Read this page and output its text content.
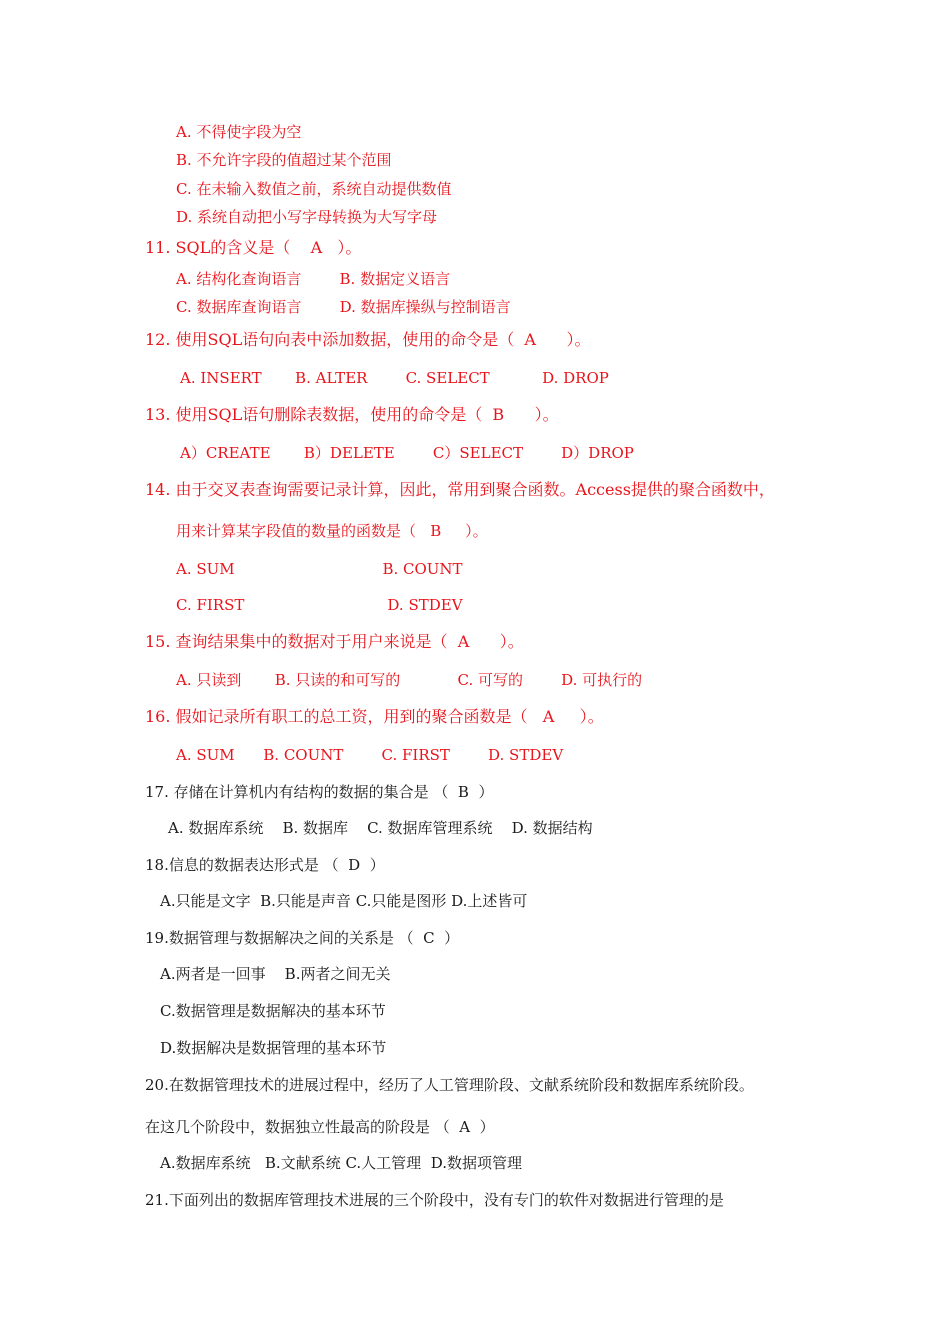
A. 不得使字段为空
B. 不允许字段的值超过某个范围
C. 在未输入数值之前，系统自动提供数值
D. 系统自动把小写字母转换为大写字母
11. SQL的含义是（    A   ）。
A. 结构化查询语言        B. 数据定义语言
C. 数据库查询语言        D. 数据库操纵与控制语言
12. 使用SQL语句向表中添加数据，使用的命令是（  A      ）。
A. INSERT       B. ALTER        C. SELECT           D. DROP
13. 使用SQL语句删除表数据，使用的命令是（  B      ）。
A）CREATE       B）DELETE        C）SELECT        D）DROP
14. 由于交叉表查询需要记录计算，因此，常用到聚合函数。Access提供的聚合函数中，
用来计算某字段值的数量的函数是（   B     ）。
A. SUM                               B. COUNT
C. FIRST                              D. STDEV
15. 查询结果集中的数据对于用户来说是（  A      ）。
A. 只读到       B. 只读的和可写的            C. 可写的        D. 可执行的
16. 假如记录所有职工的总工资，用到的聚合函数是（   A     ）。
A. SUM      B. COUNT        C. FIRST        D. STDEV
17. 存储在计算机内有结构的数据的集合是 （  B  ）
A. 数据库系统    B. 数据库    C. 数据库管理系统    D. 数据结构
18.信息的数据表达形式是 （  D  ）
A.只能是文字  B.只能是声音 C.只能是图形 D.上述皆可
19.数据管理与数据解决之间的关系是 （  C  ）
A.两者是一回事    B.两者之间无关
C.数据管理是数据解决的基本环节
D.数据解决是数据管理的基本环节
20.在数据管理技术的进展过程中，经历了人工管理阶段、文献系统阶段和数据库系统阶段。
在这几个阶段中，数据独立性最高的阶段是 （  A  ）
A.数据库系统   B.文献系统 C.人工管理  D.数据项管理
21.下面列出的数据库管理技术进展的三个阶段中，没有专门的软件对数据进行管理的是
